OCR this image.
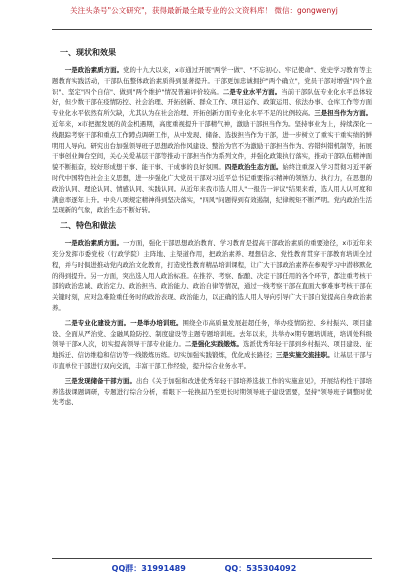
关注头条号"公文研究"，获得最新最全最专业的公文资料库！ 微信：gongwenyj
一、现状和效果

一是政治素质方面。党的十九大以来，x市通过开展"两学一做"、"不忘初心、牢记使命"、党史学习教育等主题教育实践活动，干部队伍整体政治素质得到显著提升。干部更加忠诚拥护"两个确立"，党员干部对增强"四个意识"、坚定"四个自信"、做到"两个维护"情况普遍评价较高。二是专业水平方面。当前干部队伍专业化水平总体较好，但少数干部在疫情防控、社会治理、开拓创新、群众工作、项目运作、政策运用、依法办事、仓库工作等方面专业化水平依然有所欠缺，尤其认为在社会治理、开拓创新方面专业化水平不足的比例较高。三是担当作为方面。近年来，x市把握发展的黄金机遇期，高度重视提升干部精气神，激励干部担当作为。坚持事业为上，持续深化一线跟踪考察干部和重点工作蹲点调研工作，从中发现、储备、选拔担当作为干部，进一步树立了重实干重实绩的鲜明用人导向。研究出台加强领导班子思想政治作风建设、整治为官不为激励干部担当作为、容错纠错机制等，拓展干事创业舞台空间，关心关爱基层干部等推动干部担当作为系列文件，并强化政策执行落实，推动干部队伍精神面貌不断振奋，较好形成想干事、能干事、干成事的良好氛围。四是政治生态方面。始终注重深入学习贯彻习近平新时代中国特色社会主义思想，进一步强化广大党员干部对习近平总书记重要指示精神的领悟力、执行力，在思想的政治认同、理论认同、情感认同、实践认同。从近年来我市选人用人"一报告一评议"结果来看，选人用人认可度和满意率逐年上升。中央八项规定精神得到坚决落实，"四风"问题得到有效遏制，纪律规矩不断严明。党内政治生活呈现新的气象，政治生态不断好转。

二、特色和做法

一是政治素质方面。一方面，强化干部思想政治教育、学习教育是提高干部政治素质的重要途径，x市近年来充分发挥市委党校（行政学院）主阵地、主渠道作用，把政治素养、理想信念、党性教育贯穿干部教育培训全过程，并与时俱进推动党内政治文化教育，打造党性教育精品培训课程，让广大干部政治素养在参观学习中潜移默化的得到提升。另一方面，突出选人用人政治标准。在推荐、考察、酝酿、决定干部任用的各个环节，都注重考核干部的政治忠诚、政治定力、政治担当、政治能力、政治自律等情况，通过一线考察干部在直面大事难事考核干部在关键时刻，应对急难险重任务时的政治表现、政治能力，以正确的选人用人导向引导广大干部自觉提高自身政治素养。

二是专业化建设方面。一是举办培训班。围绕全市高质量发展赶超任务，举办疫情防控、乡村振兴、项目建设、全面从严治党、金融风险防控、制度建设等主题专题培训班。去年以来，共举办x期专题培训班，培训处科级领导干部x人次，切实提高领导干部专业能力。二是强化实践锻炼。选派优秀年轻干部到乡村振兴、项目建设、征地拆迁、信访维稳和信访等一线锻炼历练。切实加强实践锻炼，优化成长路径；三是实施交流挂职。让基层干部与市直单位干部进行双向交流，丰富干部工作经验，提升综合业务水平。

三是发现储备干部方面。出台《关于加强和改进优秀年轻干部培养选拔工作的实施意见》，开展结构性干部培养选拔课题调研，专题进行综合分析，看眼下一轮换届乃至更长时期领导班子建设需要，坚持"领导班子调整时优先考虑、

QQ群：31991489	QQ：535304092
